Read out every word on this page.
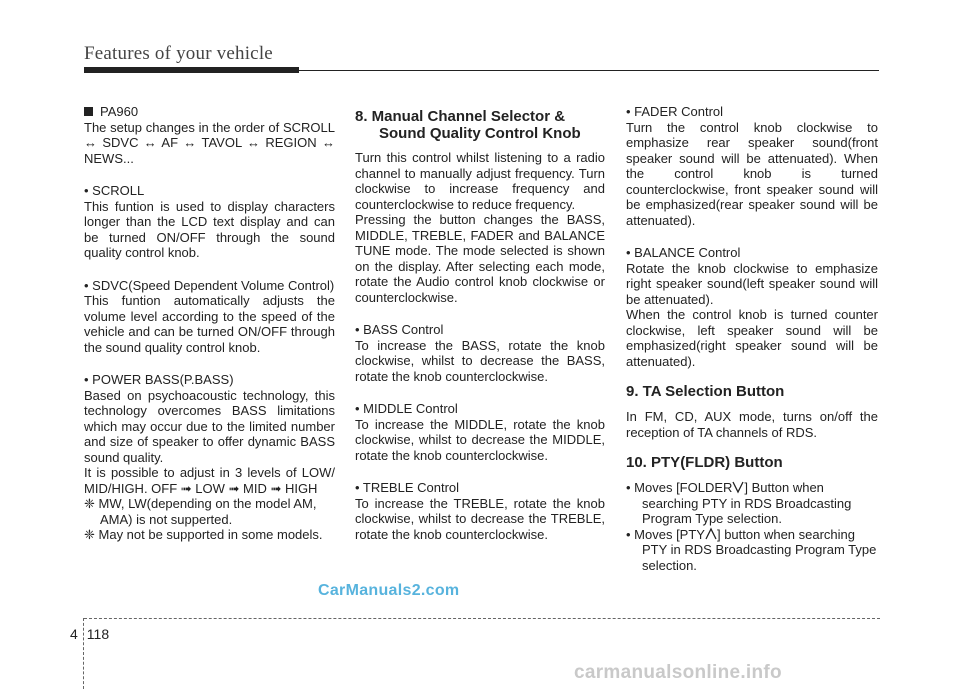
Features of your vehicle

PA960

The setup changes in the order of SCROLL ↔ SDVC ↔ AF ↔ TAVOL ↔ REGION ↔ NEWS...

• SCROLL

This funtion is used to display characters longer than the LCD text display and can be turned ON/OFF through the sound quality control knob.

• SDVC(Speed Dependent Volume Control)

This funtion automatically adjusts the volume level according to the speed of the vehicle and can be turned ON/OFF through the sound quality control knob.

• POWER BASS(P.BASS)

Based on psychoacoustic technology, this technology overcomes BASS limitations which may occur due to the limited number and size of speaker to offer dynamic BASS sound quality.

It is possible to adjust in 3 levels of LOW/ MID/HIGH. OFF ➟ LOW ➟ MID ➟ HIGH

❈ MW, LW(depending on the model AM, AMA) is not supperted.

❈ May not be supported in some models.

8. Manual Channel Selector &
Sound Quality Control Knob

Turn this control whilst listening to a radio channel to manually adjust frequency. Turn clockwise to increase frequency and counterclockwise to reduce frequency.

Pressing the button changes the BASS, MIDDLE, TREBLE, FADER and BALANCE TUNE mode. The mode selected is shown on the display. After selecting each mode, rotate the Audio control knob clockwise or counterclockwise.

• BASS Control

To increase the BASS, rotate the knob clockwise, whilst to decrease the BASS, rotate the knob counterclockwise.

• MIDDLE Control

To increase the MIDDLE, rotate the knob clockwise, whilst to decrease the MIDDLE, rotate the knob counterclockwise.

• TREBLE Control

To increase the TREBLE, rotate the knob clockwise, whilst to decrease the TREBLE, rotate the knob counterclockwise.

• FADER Control

Turn the control knob clockwise to emphasize rear speaker sound(front speaker sound will be attenuated). When the control knob is turned counterclockwise, front speaker sound will be emphasized(rear speaker sound will be attenuated).

• BALANCE Control

Rotate the knob clockwise to emphasize right speaker sound(left speaker sound will be attenuated).

When the control knob is turned counter clockwise, left speaker sound will be emphasized(right speaker sound will be attenuated).

9. TA Selection Button

In FM, CD, AUX mode, turns on/off the reception of TA channels of RDS.

10. PTY(FLDR) Button

• Moves [FOLDER ] Button when searching PTY in RDS Broadcasting Program Type selection.

• Moves [PTY ] button when searching PTY in RDS Broadcasting Program Type selection.

CarManuals2.com
4 118
carmanualsonline.info
